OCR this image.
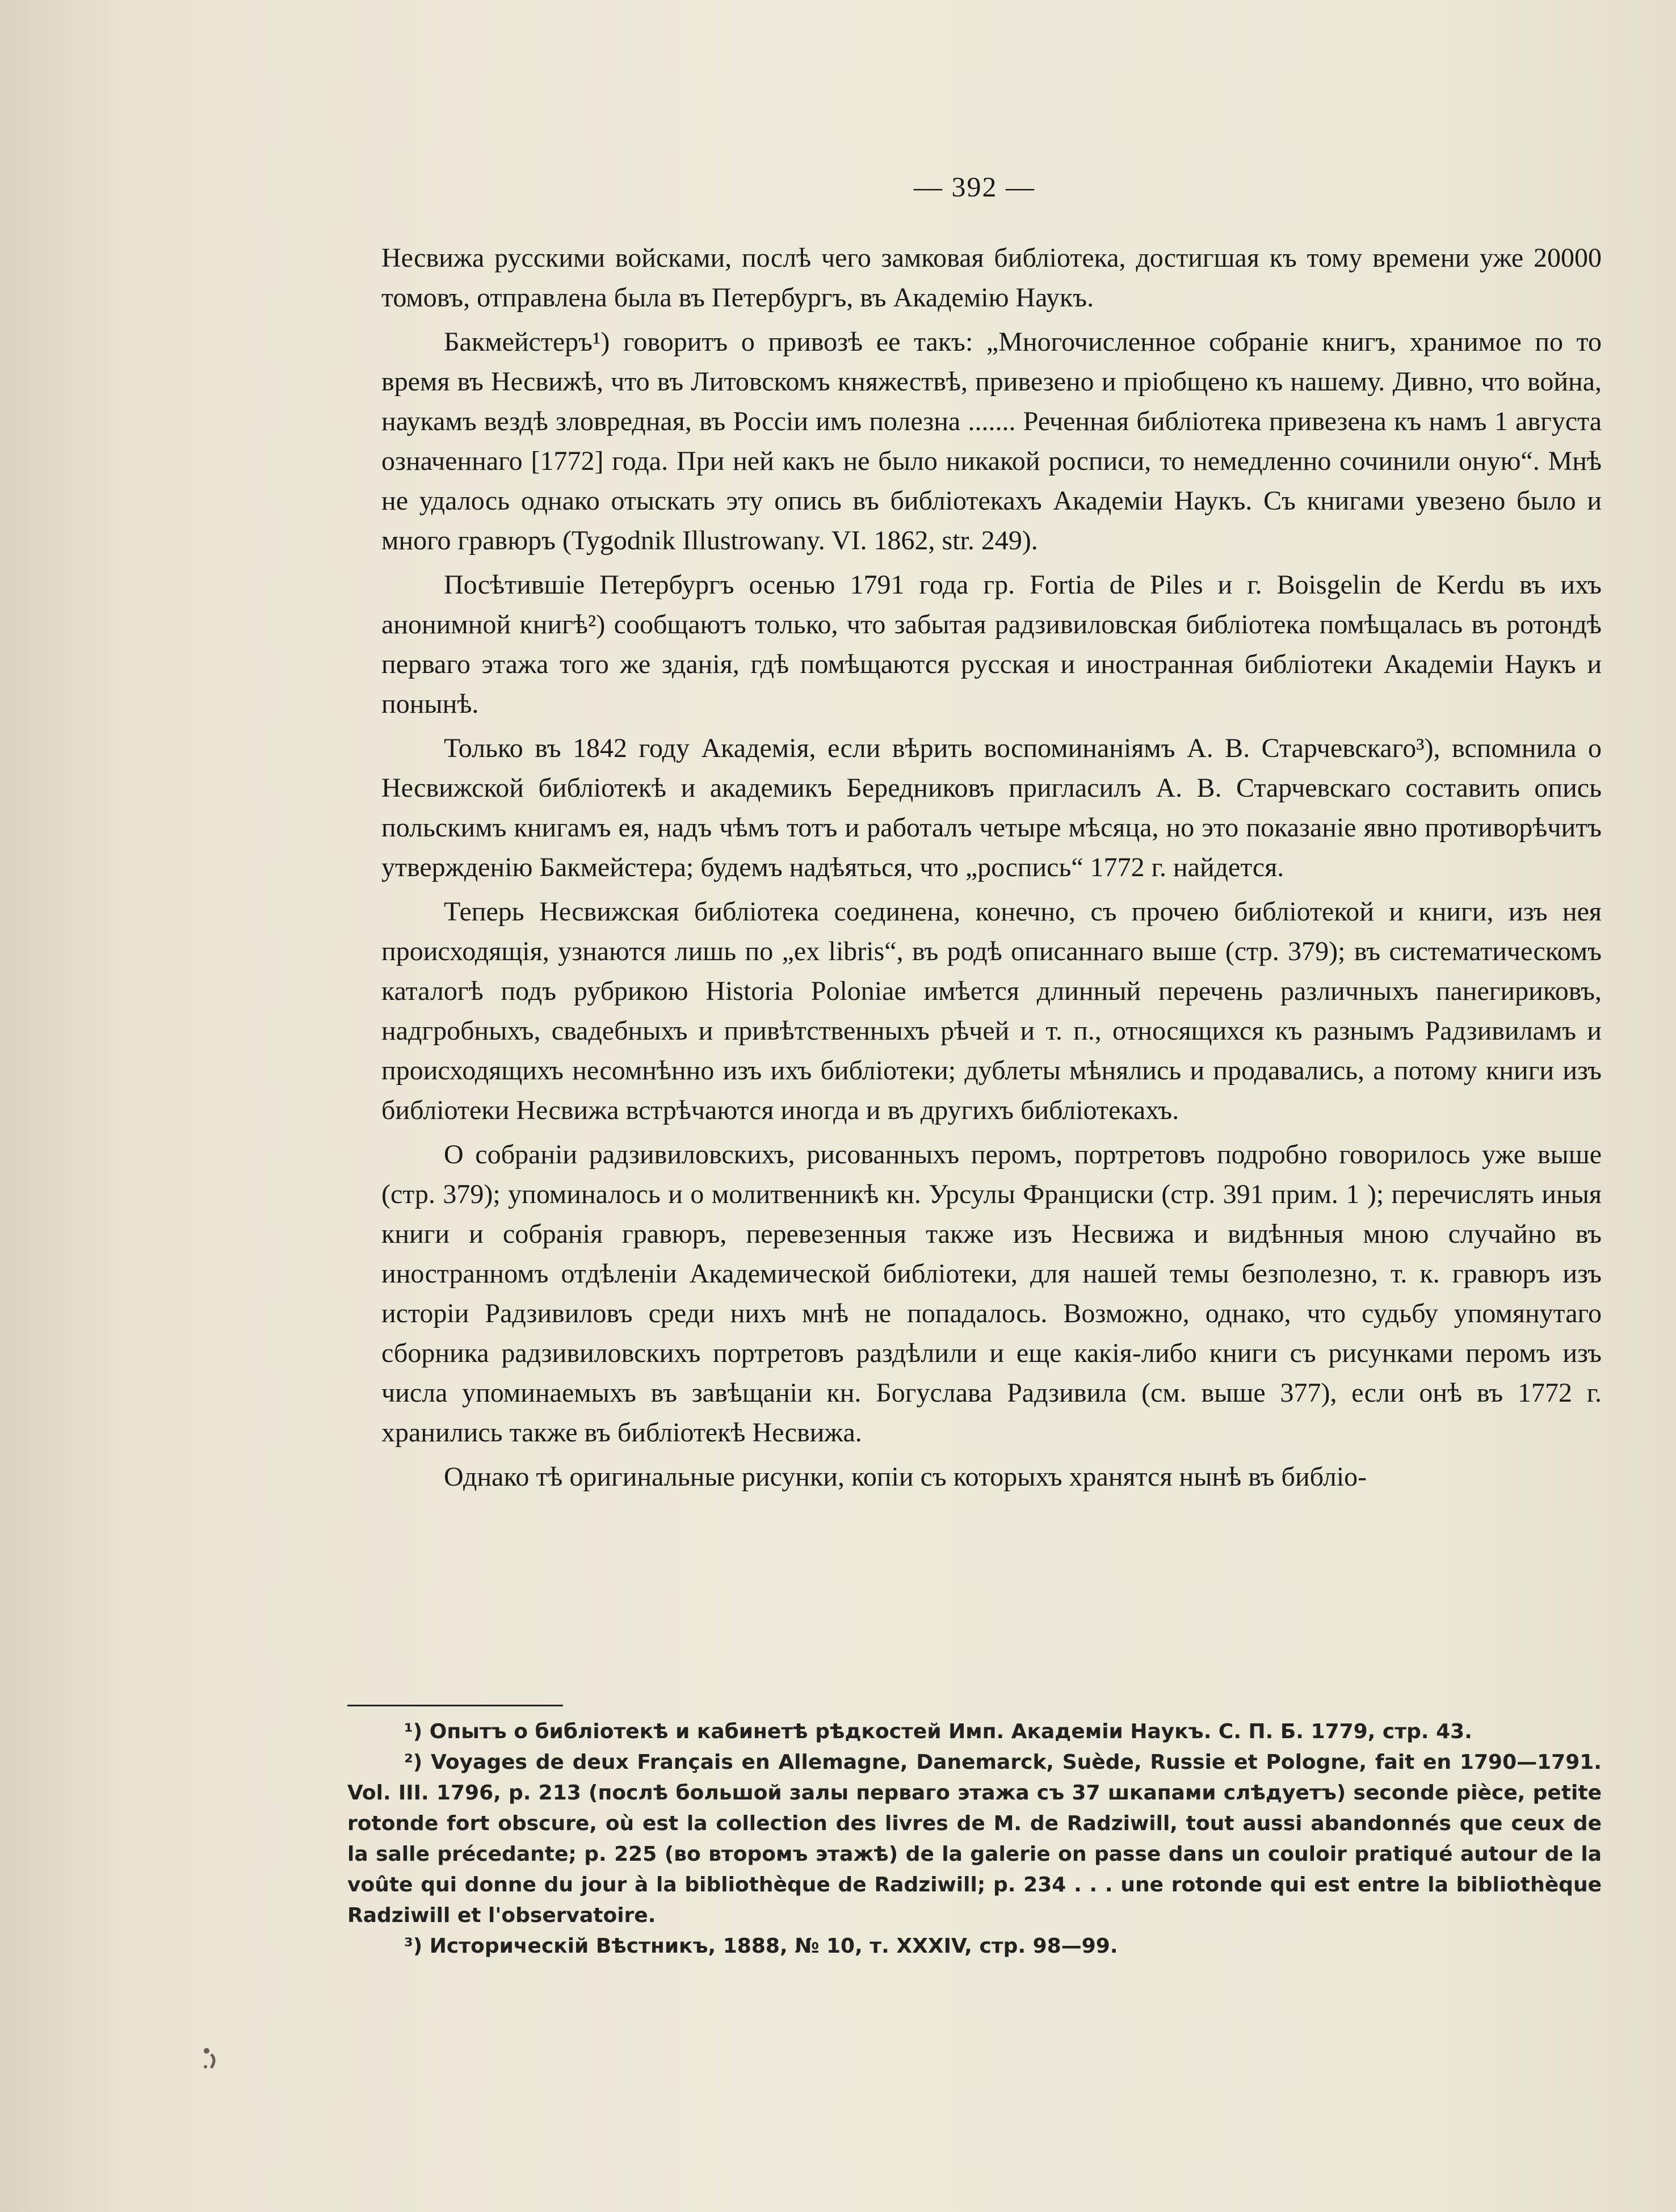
— 392 —

Несвижа русскими войсками, послѣ чего замковая библіотека, достигшая къ тому времени уже 20000 томовъ, отправлена была въ Петербургъ, въ Академію Наукъ.

Бакмейстеръ¹) говоритъ о привозѣ ее такъ: „Многочисленное собраніе книгъ, хранимое по то время въ Несвижѣ, что въ Литовскомъ княжествѣ, привезено и пріобщено къ нашему. Дивно, что война, наукамъ вездѣ зловредная, въ Россіи имъ полезна ....... Реченная библіотека привезена къ намъ 1 августа означеннаго [1772] года. При ней какъ не было никакой росписи, то немедленно сочинили оную“. Мнѣ не удалось однако отыскать эту опись въ библіотекахъ Академіи Наукъ. Съ книгами увезено было и много гравюръ (Tygodnik Illustrowany. VI. 1862, str. 249).

Посѣтившіе Петербургъ осенью 1791 года гр. Fortia de Piles и г. Boisgelin de Kerdu въ ихъ анонимной книгѣ²) сообщаютъ только, что забытая радзивиловская библіотека помѣщалась въ ротондѣ перваго этажа того же зданія, гдѣ помѣщаются русская и иностранная библіотеки Академіи Наукъ и понынѣ.

Только въ 1842 году Академія, если вѣрить воспоминаніямъ А. В. Старчевскаго³), вспомнила о Несвижской библіотекѣ и академикъ Бередниковъ пригласилъ А. В. Старчевскаго составить опись польскимъ книгамъ ея, надъ чѣмъ тотъ и работалъ четыре мѣсяца, но это показаніе явно противорѣчитъ утвержденію Бакмейстера; будемъ надѣяться, что „роспись“ 1772 г. найдется.

Теперь Несвижская библіотека соединена, конечно, съ прочею библіотекой и книги, изъ нея происходящія, узнаются лишь по „ex libris“, въ родѣ описаннаго выше (стр. 379); въ систематическомъ каталогѣ подъ рубрикою Historia Poloniae имѣется длинный перечень различныхъ панегириковъ, надгробныхъ, свадебныхъ и привѣтственныхъ рѣчей и т. п., относящихся къ разнымъ Радзивиламъ и происходящихъ несомнѣнно изъ ихъ библіотеки; дублеты мѣнялись и продавались, а потому книги изъ библіотеки Несвижа встрѣчаются иногда и въ другихъ библіотекахъ.

О собраніи радзивиловскихъ, рисованныхъ перомъ, портретовъ подробно говорилось уже выше (стр. 379); упоминалось и о молитвенникѣ кн. Урсулы Франциски (стр. 391 прим. 1 ); перечислять иныя книги и собранія гравюръ, перевезенныя также изъ Несвижа и видѣнныя мною случайно въ иностранномъ отдѣленіи Академической библіотеки, для нашей темы безполезно, т. к. гравюръ изъ исторіи Радзивиловъ среди нихъ мнѣ не попадалось. Возможно, однако, что судьбу упомянутаго сборника радзивиловскихъ портретовъ раздѣлили и еще какія-либо книги съ рисунками перомъ изъ числа упоминаемыхъ въ завѣщаніи кн. Богуслава Радзивила (см. выше 377), если онѣ въ 1772 г. хранились также въ библіотекѣ Несвижа.

Однако тѣ оригинальные рисунки, копіи съ которыхъ хранятся нынѣ въ библіо-

¹) Опытъ о библіотекѣ и кабинетѣ рѣдкостей Имп. Академіи Наукъ. С. П. Б. 1779, стр. 43.

²) Voyages de deux Français en Allemagne, Danemarck, Suède, Russie et Pologne, fait en 1790—1791. Vol. III. 1796, p. 213 (послѣ большой залы перваго этажа съ 37 шкапами слѣдуетъ) seconde pièce, petite rotonde fort obscure, où est la collection des livres de M. de Radziwill, tout aussi abandonnés que ceux de la salle précedante; p. 225 (во второмъ этажѣ) de la galerie on passe dans un couloir pratiqué autour de la voûte qui donne du jour à la bibliothèque de Radziwill; p. 234 . . . une rotonde qui est entre la bibliothèque Radziwill et l'observatoire.

³) Историческій Вѣстникъ, 1888, № 10, т. XXXIV, стр. 98—99.
